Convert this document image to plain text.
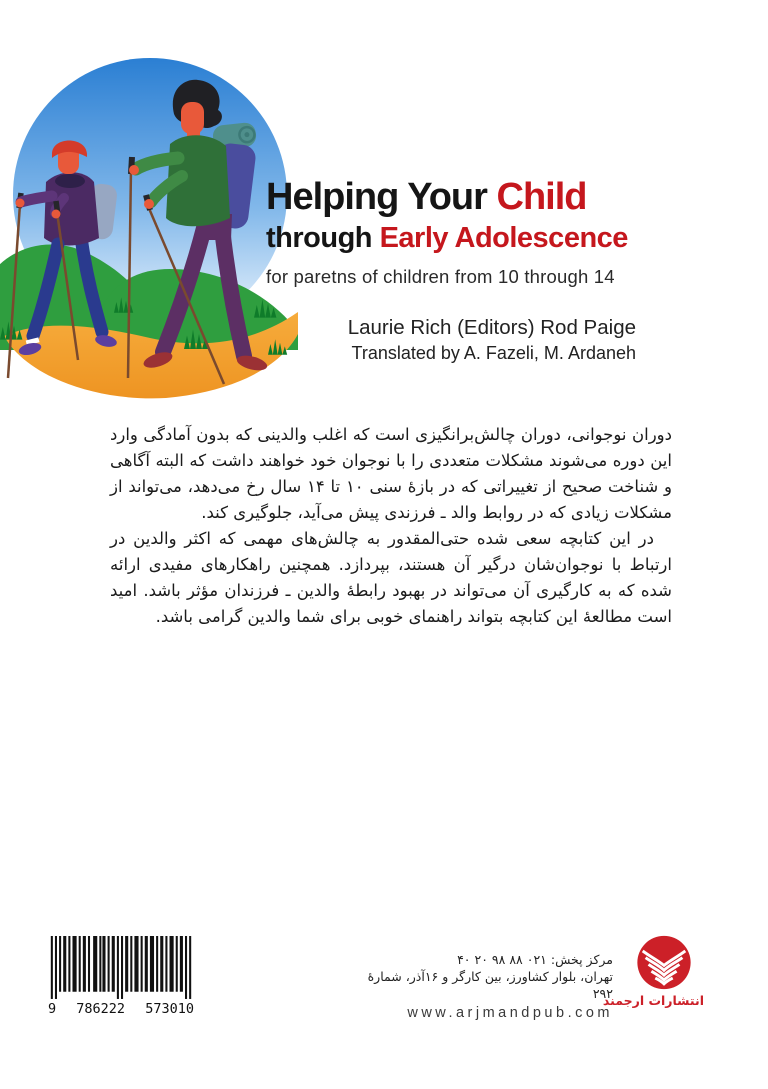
Helping Your Child
through Early Adolescence
for paretns of children from 10 through 14
Laurie Rich (Editors) Rod Paige
Translated by A. Fazeli, M. Ardaneh

دوران نوجوانی، دوران چالش‌برانگیزی است که اغلب والدینی که بدون آمادگی وارد این دوره می‌شوند مشکلات متعددی را با نوجوان خود خواهند داشت که البته آگاهی و شناخت صحیح از تغییراتی که در بازۀ سنی ۱۰ تا ۱۴ سال رخ می‌دهد، می‌تواند از مشکلات زیادی که در روابط والد ـ فرزندی پیش می‌آید، جلوگیری کند.

در این کتابچه سعی شده حتی‌المقدور به چالش‌های مهمی که اکثر والدین در ارتباط با نوجوان‌شان درگیر آن هستند، بپردازد. همچنین راهکارهای مفیدی ارائه شده که به کارگیری آن می‌تواند در بهبود رابطۀ والدین ـ فرزندان مؤثر باشد. امید است مطالعۀ این کتابچه بتواند راهنمای خوبی برای شما والدین گرامی باشد.

9 786222 573010
مرکز پخش: ۰۲۱ ۸۸ ۹۸ ۲۰ ۴۰
تهران، بلوار کشاورز، بین کارگر و ۱۶آذر، شمارۀ ۲۹۲
www.arjmandpub.com
انتشارات ارجمند
